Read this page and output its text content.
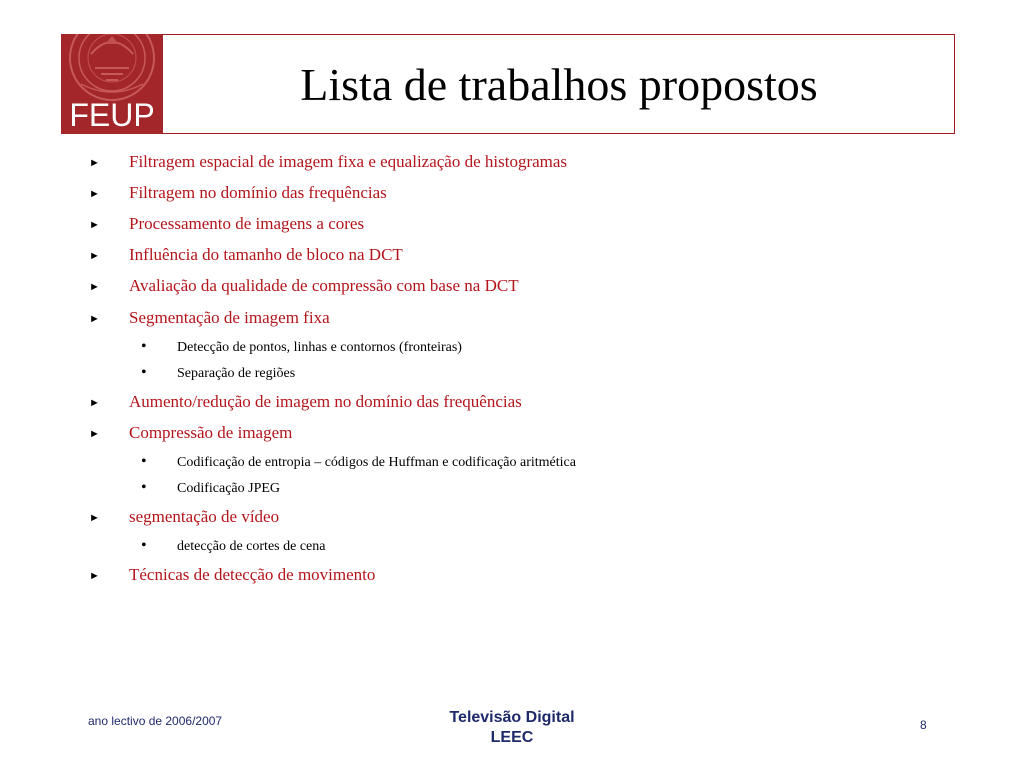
FEUP
Lista de trabalhos propostos
► Filtragem espacial de imagem fixa e equalização de histogramas
► Filtragem no domínio das frequências
► Processamento de imagens a cores
► Influência do tamanho de bloco na DCT
► Avaliação da qualidade de compressão com base na DCT
► Segmentação de imagem fixa
• Detecção de pontos, linhas e contornos (fronteiras)
• Separação de regiões
► Aumento/redução de imagem no domínio das frequências
► Compressão de imagem
• Codificação de entropia – códigos de Huffman e codificação aritmética
• Codificação JPEG
► segmentação de vídeo
• detecção de cortes de cena
► Técnicas de detecção de movimento
ano lectivo de 2006/2007	Televisão Digital
LEEC
8
